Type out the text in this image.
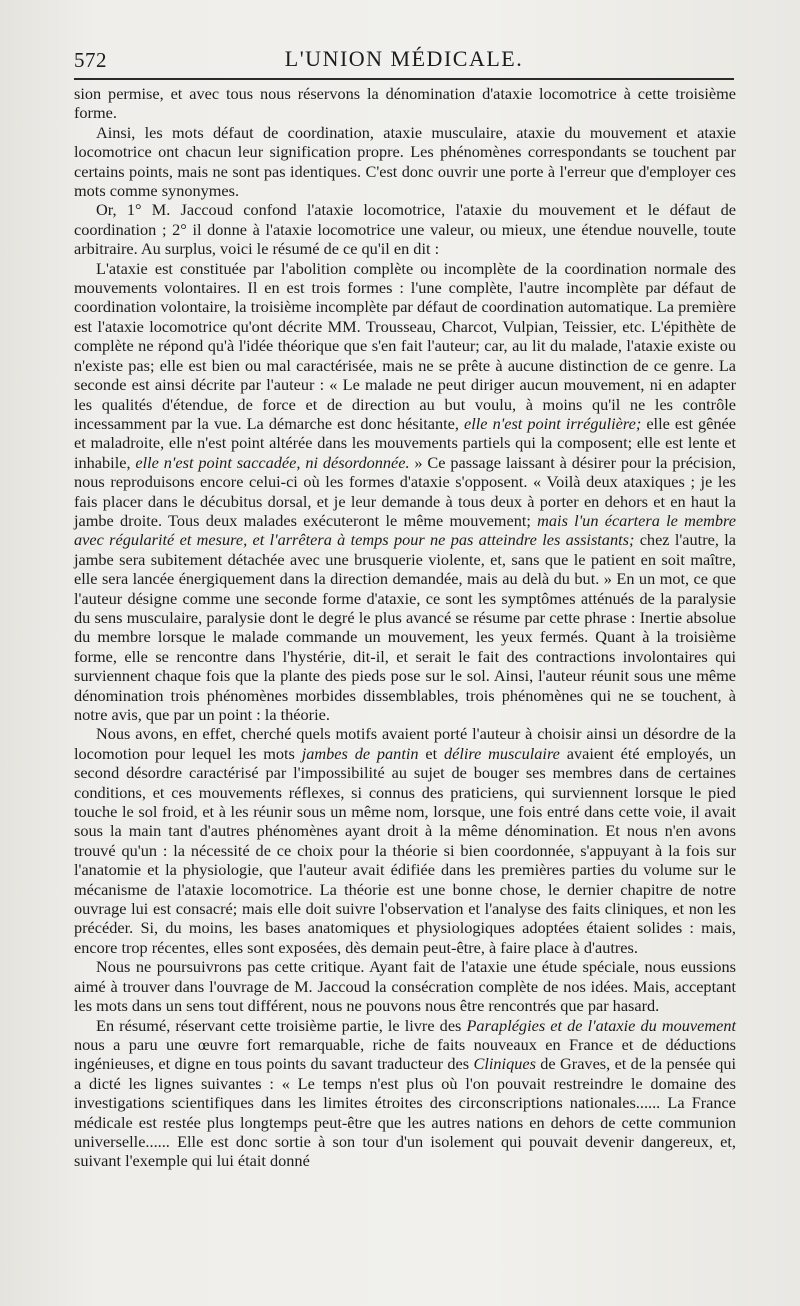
572	L'UNION MÉDICALE.

sion permise, et avec tous nous réservons la dénomination d'ataxie locomotrice à cette troisième forme.

Ainsi, les mots défaut de coordination, ataxie musculaire, ataxie du mouvement et ataxie locomotrice ont chacun leur signification propre. Les phénomènes correspondants se touchent par certains points, mais ne sont pas identiques. C'est donc ouvrir une porte à l'erreur que d'employer ces mots comme synonymes.

Or, 1° M. Jaccoud confond l'ataxie locomotrice, l'ataxie du mouvement et le défaut de coordination ; 2° il donne à l'ataxie locomotrice une valeur, ou mieux, une étendue nouvelle, toute arbitraire. Au surplus, voici le résumé de ce qu'il en dit :

L'ataxie est constituée par l'abolition complète ou incomplète de la coordination normale des mouvements volontaires. Il en est trois formes : l'une complète, l'autre incomplète par défaut de coordination volontaire, la troisième incomplète par défaut de coordination automatique. La première est l'ataxie locomotrice qu'ont décrite MM. Trousseau, Charcot, Vulpian, Teissier, etc. L'épithète de complète ne répond qu'à l'idée théorique que s'en fait l'auteur; car, au lit du malade, l'ataxie existe ou n'existe pas; elle est bien ou mal caractérisée, mais ne se prête à aucune distinction de ce genre. La seconde est ainsi décrite par l'auteur : « Le malade ne peut diriger aucun mouvement, ni en adapter les qualités d'étendue, de force et de direction au but voulu, à moins qu'il ne les contrôle incessamment par la vue. La démarche est donc hésitante, elle n'est point irrégulière; elle est gênée et maladroite, elle n'est point altérée dans les mouvements partiels qui la composent; elle est lente et inhabile, elle n'est point saccadée, ni désordonnée. » Ce passage laissant à désirer pour la précision, nous reproduisons encore celui-ci où les formes d'ataxie s'opposent. « Voilà deux ataxiques ; je les fais placer dans le décubitus dorsal, et je leur demande à tous deux à porter en dehors et en haut la jambe droite. Tous deux malades exécuteront le même mouvement; mais l'un écartera le membre avec régularité et mesure, et l'arrêtera à temps pour ne pas atteindre les assistants; chez l'autre, la jambe sera subitement détachée avec une brusquerie violente, et, sans que le patient en soit maître, elle sera lancée énergiquement dans la direction demandée, mais au delà du but. » En un mot, ce que l'auteur désigne comme une seconde forme d'ataxie, ce sont les symptômes atténués de la paralysie du sens musculaire, paralysie dont le degré le plus avancé se résume par cette phrase : Inertie absolue du membre lorsque le malade commande un mouvement, les yeux fermés. Quant à la troisième forme, elle se rencontre dans l'hystérie, dit-il, et serait le fait des contractions involontaires qui surviennent chaque fois que la plante des pieds pose sur le sol. Ainsi, l'auteur réunit sous une même dénomination trois phénomènes morbides dissemblables, trois phénomènes qui ne se touchent, à notre avis, que par un point : la théorie.

Nous avons, en effet, cherché quels motifs avaient porté l'auteur à choisir ainsi un désordre de la locomotion pour lequel les mots jambes de pantin et délire musculaire avaient été employés, un second désordre caractérisé par l'impossibilité au sujet de bouger ses membres dans de certaines conditions, et ces mouvements réflexes, si connus des praticiens, qui surviennent lorsque le pied touche le sol froid, et à les réunir sous un même nom, lorsque, une fois entré dans cette voie, il avait sous la main tant d'autres phénomènes ayant droit à la même dénomination. Et nous n'en avons trouvé qu'un : la nécessité de ce choix pour la théorie si bien coordonnée, s'appuyant à la fois sur l'anatomie et la physiologie, que l'auteur avait édifiée dans les premières parties du volume sur le mécanisme de l'ataxie locomotrice. La théorie est une bonne chose, le dernier chapitre de notre ouvrage lui est consacré; mais elle doit suivre l'observation et l'analyse des faits cliniques, et non les précéder. Si, du moins, les bases anatomiques et physiologiques adoptées étaient solides : mais, encore trop récentes, elles sont exposées, dès demain peut-être, à faire place à d'autres.

Nous ne poursuivrons pas cette critique. Ayant fait de l'ataxie une étude spéciale, nous eussions aimé à trouver dans l'ouvrage de M. Jaccoud la consécration complète de nos idées. Mais, acceptant les mots dans un sens tout différent, nous ne pouvons nous être rencontrés que par hasard.

En résumé, réservant cette troisième partie, le livre des Paraplégies et de l'ataxie du mouvement nous a paru une œuvre fort remarquable, riche de faits nouveaux en France et de déductions ingénieuses, et digne en tous points du savant traducteur des Cliniques de Graves, et de la pensée qui a dicté les lignes suivantes : « Le temps n'est plus où l'on pouvait restreindre le domaine des investigations scientifiques dans les limites étroites des circonscriptions nationales...... La France médicale est restée plus longtemps peut-être que les autres nations en dehors de cette communion universelle...... Elle est donc sortie à son tour d'un isolement qui pouvait devenir dangereux, et, suivant l'exemple qui lui était donné
